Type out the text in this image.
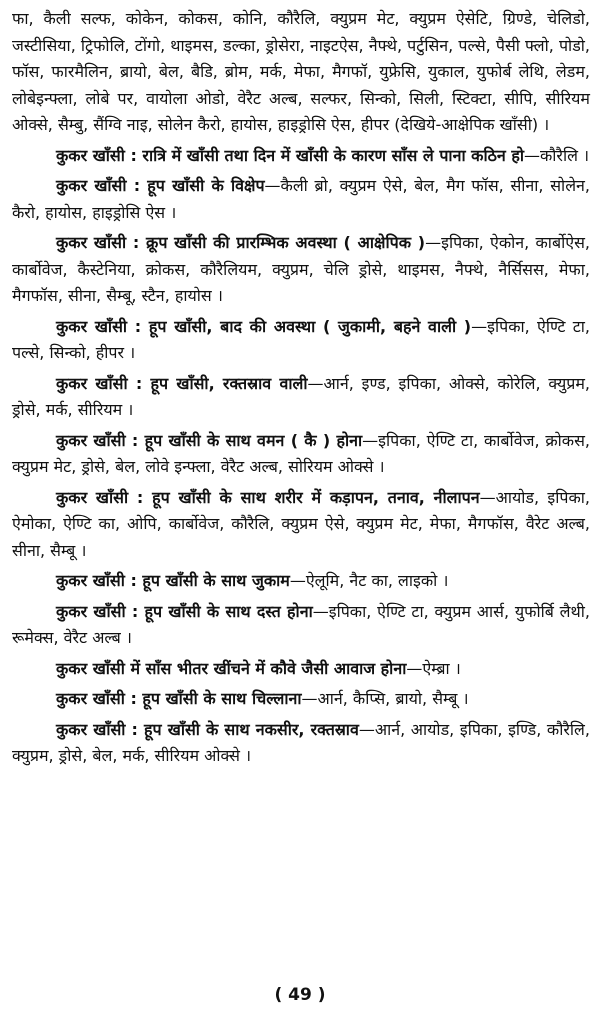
फा, कैली सल्फ, कोकेन, कोकस, कोनि, कौरैलि, क्युप्रम मेट, क्युप्रम ऐसेटि, ग्रिण्डे, चेलिडो, जस्टीसिया, ट्रिफोलि, टोंगो, थाइमस, डल्का, ड्रोसेरा, नाइटऐस, नैफ्थे, पर्टुसिन, पल्से, पैसी फ्लो, पोडो, फॉस, फारमैलिन, ब्रायो, बेल, बैडि, ब्रोम, मर्क, मेफा, मैगफॉ, युफ्रेसि, युकाल, युफोर्ब लेथि, लेडम, लोबेइन्फ्ला, लोबे पर, वायोला ओडो, वेरैट अल्ब, सल्फर, सिन्को, सिली, स्टिक्टा, सीपि, सीरियम ओक्से, सैम्बु, सैंग्वि नाइ, सोलेन कैरो, हायोस, हाइड्रोसि ऐस, हीपर (देखिये-आक्षेपिक खाँसी) ।

कुकर खाँसी : रात्रि में खाँसी तथा दिन में खाँसी के कारण साँस ले पाना कठिन हो—कौरैलि ।

कुकर खाँसी : हूप खाँसी के विक्षेप—कैली ब्रो, क्युप्रम ऐसे, बेल, मैग फॉस, सीना, सोलेन, कैरो, हायोस, हाइड्रोसि ऐस ।

कुकर खाँसी : क्रूप खाँसी की प्रारम्भिक अवस्था ( आक्षेपिक )—इपिका, ऐकोन, कार्बोऐस, कार्बोवेज, कैस्टेनिया, क्रोकस, कौरैलियम, क्युप्रम, चेलि ड्रोसे, थाइमस, नैफ्थे, नैर्सिसस, मेफा, मैगफॉस, सीना, सैम्बू, स्टैन, हायोस ।

कुकर खाँसी : हूप खाँसी, बाद की अवस्था ( जुकामी, बहने वाली )—इपिका, ऐण्टि टा, पल्से, सिन्को, हीपर ।

कुकर खाँसी : हूप खाँसी, रक्तस्राव वाली—आर्न, इण्ड, इपिका, ओक्से, कोरेलि, क्युप्रम, ड्रोसे, मर्क, सीरियम ।

कुकर खाँसी : हूप खाँसी के साथ वमन ( कै ) होना—इपिका, ऐण्टि टा, कार्बोवेज, क्रोकस, क्युप्रम मेट, ड्रोसे, बेल, लोवे इन्फ्ला, वेरैट अल्ब, सोरियम ओक्से ।

कुकर खाँसी : हूप खाँसी के साथ शरीर में कड़ापन, तनाव, नीलापन—आयोड, इपिका, ऐमोका, ऐण्टि का, ओपि, कार्बोवेज, कौरैलि, क्युप्रम ऐसे, क्युप्रम मेट, मेफा, मैगफॉस, वैरेट अल्ब, सीना, सैम्बू ।

कुकर खाँसी : हूप खाँसी के साथ जुकाम—ऐलूमि, नैट का, लाइको ।

कुकर खाँसी : हूप खाँसी के साथ दस्त होना—इपिका, ऐण्टि टा, क्युप्रम आर्स, युफोर्बि लैथी, रूमेक्स, वेरैट अल्ब ।

कुकर खाँसी में साँस भीतर खींचने में कौवे जैसी आवाज होना—ऐम्ब्रा ।

कुकर खाँसी : हूप खाँसी के साथ चिल्लाना—आर्न, कैप्सि, ब्रायो, सैम्बू ।

कुकर खाँसी : हूप खाँसी के साथ नकसीर, रक्तस्राव—आर्न, आयोड, इपिका, इण्डि, कौरैलि, क्युप्रम, ड्रोसे, बेल, मर्क, सीरियम ओक्से ।

( 49 )
